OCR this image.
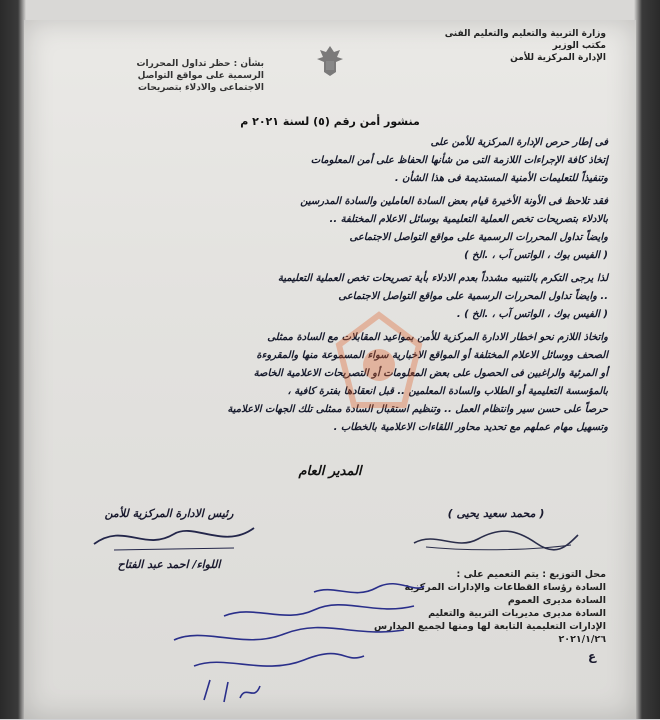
وزارة التربية والتعليم والتعليم الفنى
مكتب الوزير
الإدارة المركزية للأمن
بشأن : حظر تداول المحررات
الرسمية على مواقع التواصل
الاجتماعى والادلاء بتصريحات
منشور أمن رقم (٥) لسنة ٢٠٢١ م

فى إطار حرص الإدارة المركزية للأمن على

إتخاذ كافة الإجراءات اللازمة التى من شأنها الحفاظ على أمن المعلومات

وتنفيذاً للتعليمات الأمنية المستديمة فى هذا الشأن .

فقد تلاحظ فى الأونة الأخيرة قيام بعض السادة العاملين والسادة المدرسين

بالادلاء بتصريحات تخص العملية التعليمية بوسائل الاعلام المختلفة ..

وايضاً تداول المحررات الرسمية على مواقع التواصل الاجتماعى

( الفيس بوك ، الواتس آب ، .الخ )

لذا يرجى التكرم بالتنبيه مشدداً بعدم الادلاء بأية تصريحات تخص العملية التعليمية

.. وايضاً تداول المحررات الرسمية على مواقع التواصل الاجتماعى

( الفيس بوك ، الواتس آب ، .الخ ) .

واتخاذ اللازم نحو اخطار الادارة المركزية للأمن بمواعيد المقابلات مع السادة ممثلى

الصحف ووسائل الاعلام المختلفة أو المواقع الاخبارية سواء المسموعة منها والمقروءة

أو المرئية والراغبين فى الحصول على بعض المعلومات أو التصريحات الاعلامية الخاصة

بالمؤسسة التعليمية أو الطلاب والسادة المعلمين .. قبل انعقادها بفترة كافية ،

حرصاً على حسن سير وانتظام العمل .. وتنظيم استقبال السادة ممثلى تلك الجهات الاعلامية

وتسهيل مهام عملهم مع تحديد محاور اللقاءات الاعلامية بالخطاب .

المدير العام
( محمد سعيد يحيى )
رئيس الادارة المركزية للأمن
اللواء/ احمد عبد الفتاح
محل التوزيع : يتم التعميم على :
السادة رؤساء القطاعات والإدارات المركزية
السادة مديرى العموم
السادة مديرى مديريات التربية والتعليم
الإدارات التعليمية التابعة لها ومنها لجميع المدارس
٢٠٢١/١/٢٦
ع
